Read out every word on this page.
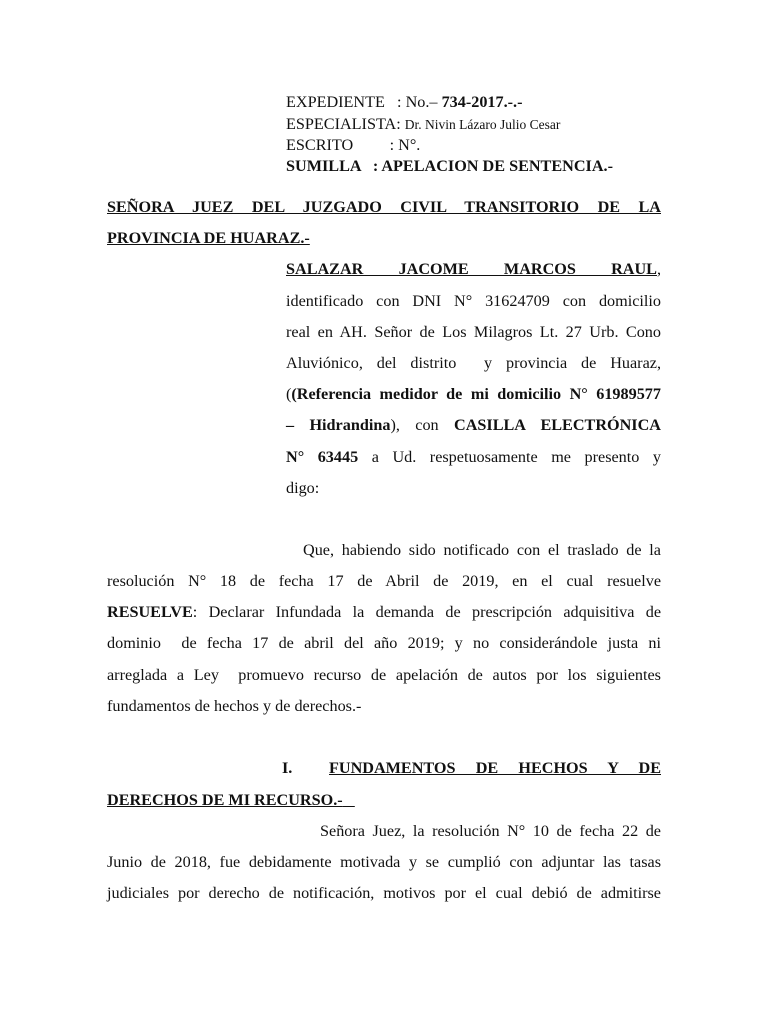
EXPEDIENTE : No.– 734-2017.-.-
ESPECIALISTA: Dr. Nivin Lázaro Julio Cesar
ESCRITO : N°.
SUMILLA : APELACION DE SENTENCIA.-
SEÑORA JUEZ DEL JUZGADO CIVIL TRANSITORIO DE LA
PROVINCIA DE HUARAZ.-
SALAZAR JACOME MARCOS RAUL,
identificado con DNI N° 31624709 con domicilio
real en AH. Señor de Los Milagros Lt. 27 Urb. Cono
Aluviónico, del distrito  y provincia de Huaraz,
((Referencia medidor de mi domicilio N° 61989577
– Hidrandina), con CASILLA ELECTRÓNICA
N° 63445 a Ud. respetuosamente me presento y
digo:
Que, habiendo sido notificado con el traslado de la
resolución N° 18 de fecha 17 de Abril de 2019, en el cual resuelve
RESUELVE: Declarar Infundada la demanda de prescripción adquisitiva de
dominio  de fecha 17 de abril del año 2019; y no considerándole justa ni
arreglada a Ley  promuevo recurso de apelación de autos por los siguientes
fundamentos de hechos y de derechos.-
I. FUNDAMENTOS DE HECHOS Y DE
DERECHOS DE MI RECURSO.-
Señora Juez, la resolución N° 10 de fecha 22 de
Junio de 2018, fue debidamente motivada y se cumplió con adjuntar las tasas
judiciales por derecho de notificación, motivos por el cual debió de admitirse
